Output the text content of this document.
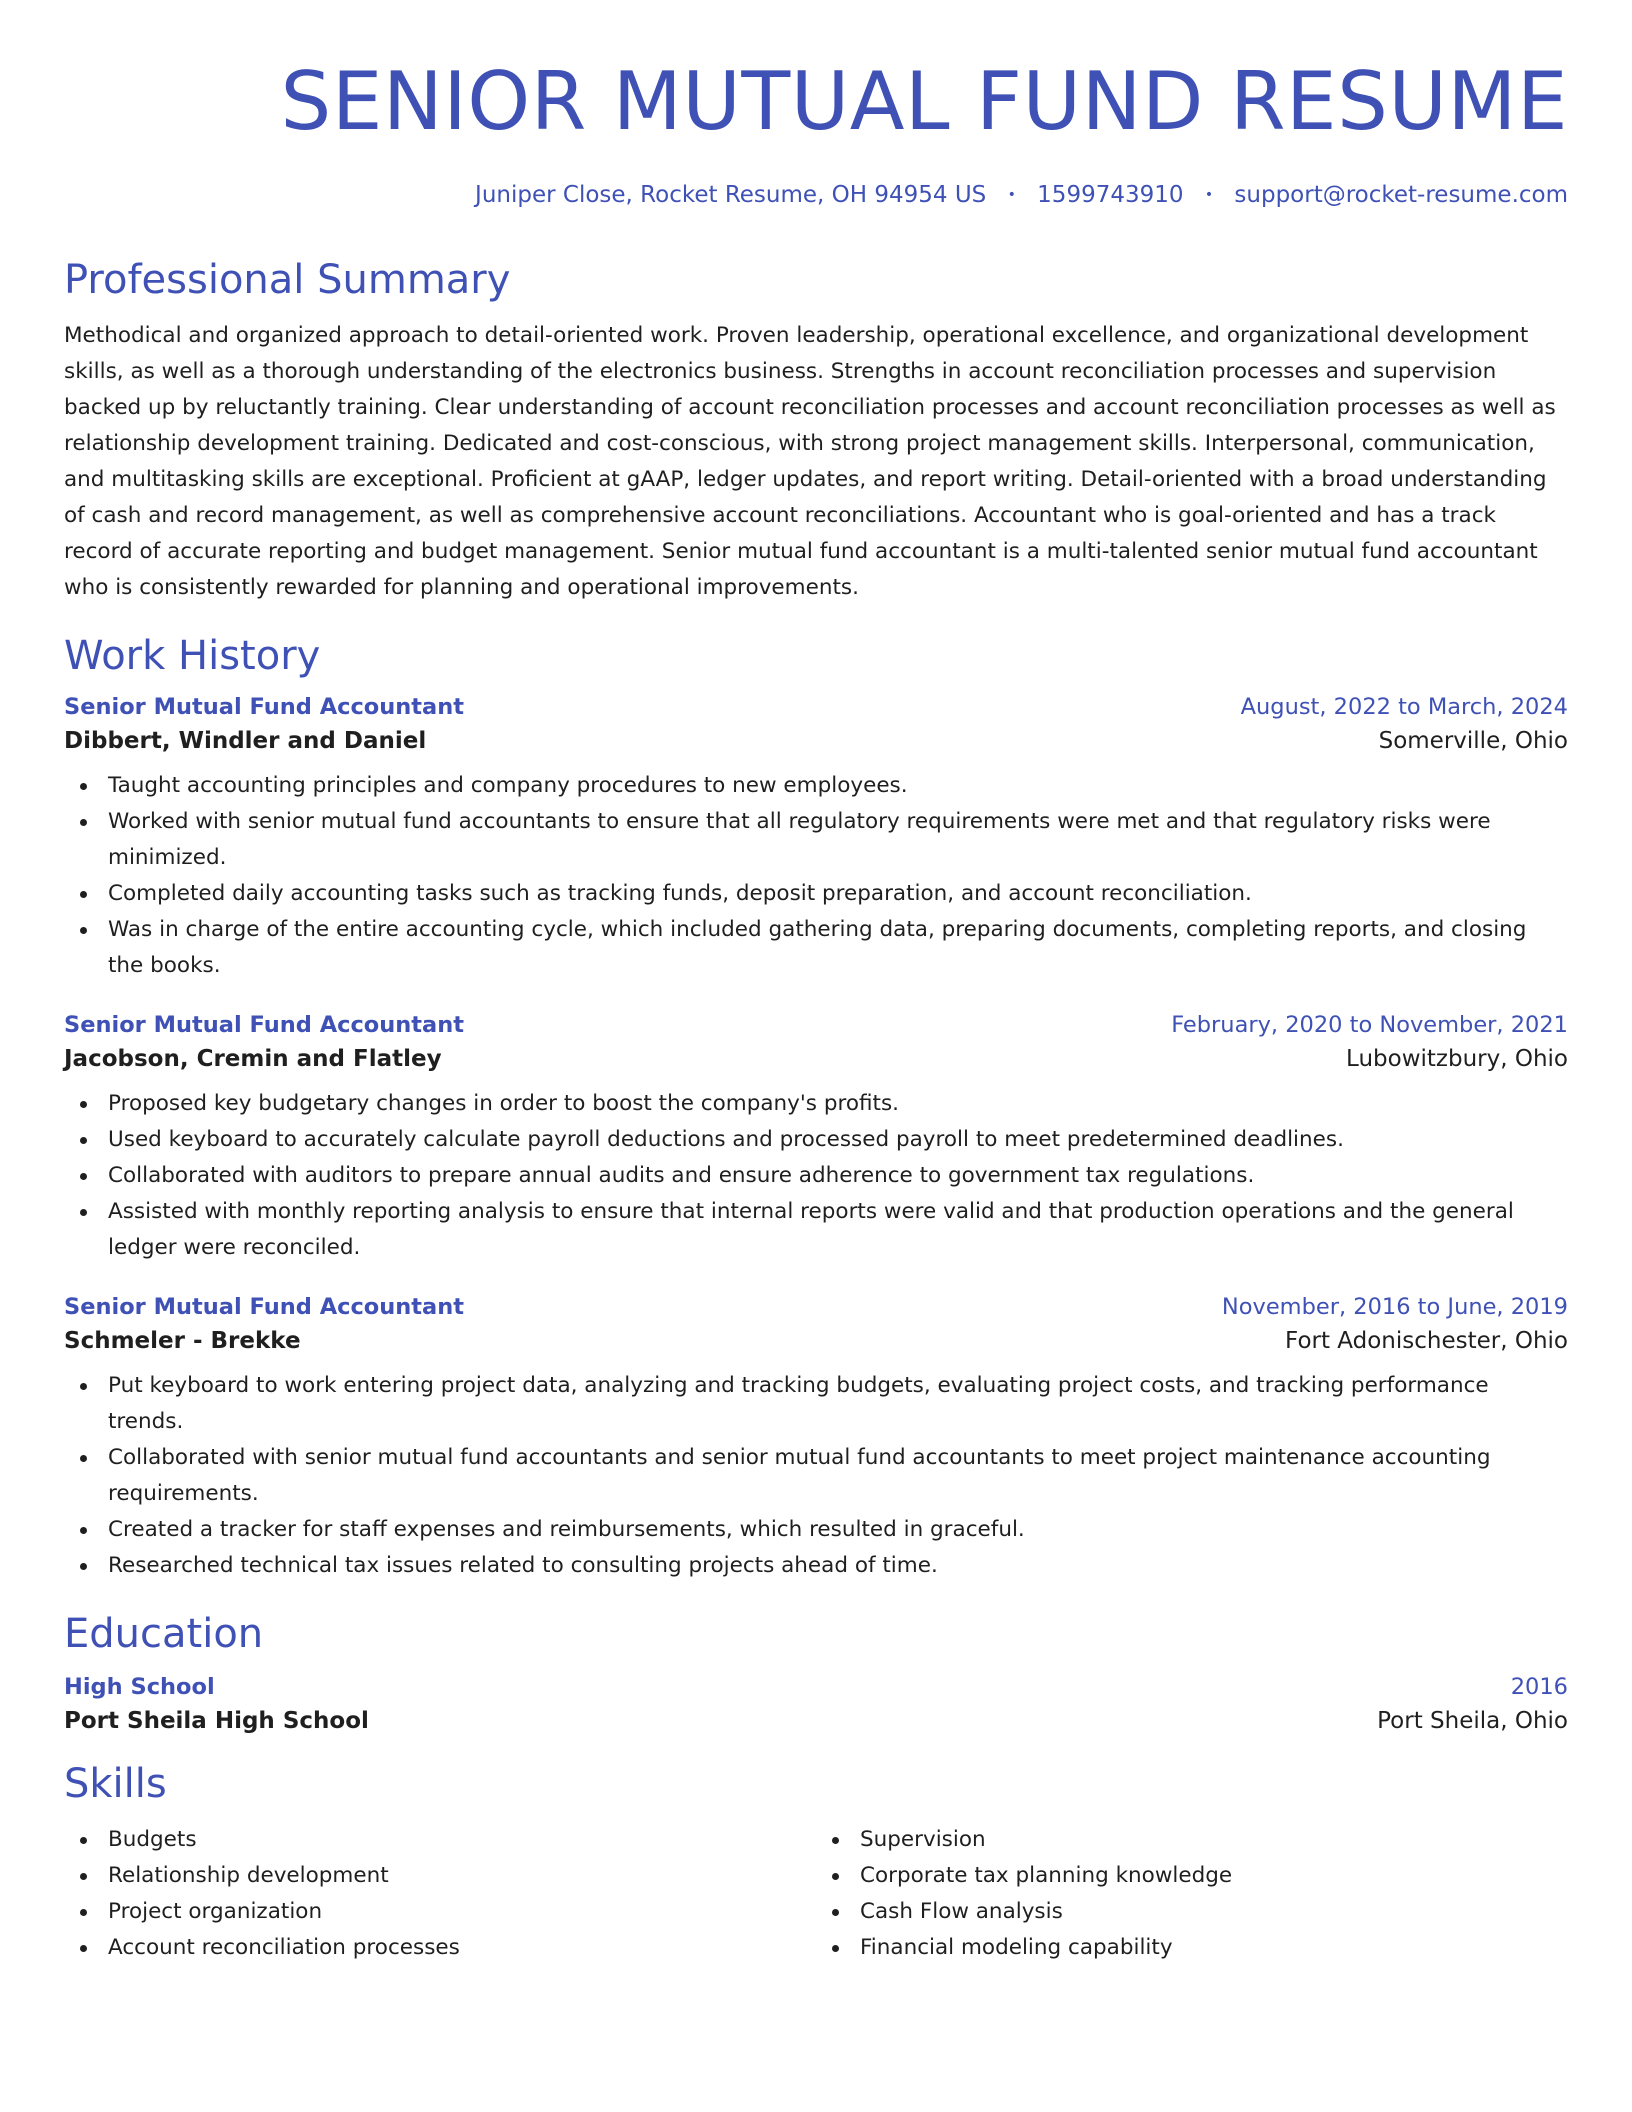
SENIOR MUTUAL FUND RESUME
Juniper Close, Rocket Resume, OH 94954 US • 1599743910 • support@rocket-resume.com
Professional Summary

Methodical and organized approach to detail-oriented work. Proven leadership, operational excellence, and organizational development skills, as well as a thorough understanding of the electronics business. Strengths in account reconciliation processes and supervision backed up by reluctantly training. Clear understanding of account reconciliation processes and account reconciliation processes as well as relationship development training. Dedicated and cost-conscious, with strong project management skills. Interpersonal, communication, and multitasking skills are exceptional. Proficient at gAAP, ledger updates, and report writing. Detail-oriented with a broad understanding of cash and record management, as well as comprehensive account reconciliations. Accountant who is goal-oriented and has a track record of accurate reporting and budget management. Senior mutual fund accountant is a multi-talented senior mutual fund accountant who is consistently rewarded for planning and operational improvements.

Work History
Senior Mutual Fund Accountant	August, 2022 to March, 2024
Dibbert, Windler and Daniel	Somerville, Ohio
Taught accounting principles and company procedures to new employees.
Worked with senior mutual fund accountants to ensure that all regulatory requirements were met and that regulatory risks were minimized.
Completed daily accounting tasks such as tracking funds, deposit preparation, and account reconciliation.
Was in charge of the entire accounting cycle, which included gathering data, preparing documents, completing reports, and closing the books.
Senior Mutual Fund Accountant	February, 2020 to November, 2021
Jacobson, Cremin and Flatley	Lubowitzbury, Ohio
Proposed key budgetary changes in order to boost the company's profits.
Used keyboard to accurately calculate payroll deductions and processed payroll to meet predetermined deadlines.
Collaborated with auditors to prepare annual audits and ensure adherence to government tax regulations.
Assisted with monthly reporting analysis to ensure that internal reports were valid and that production operations and the general ledger were reconciled.
Senior Mutual Fund Accountant	November, 2016 to June, 2019
Schmeler - Brekke	Fort Adonischester, Ohio
Put keyboard to work entering project data, analyzing and tracking budgets, evaluating project costs, and tracking performance trends.
Collaborated with senior mutual fund accountants and senior mutual fund accountants to meet project maintenance accounting requirements.
Created a tracker for staff expenses and reimbursements, which resulted in graceful.
Researched technical tax issues related to consulting projects ahead of time.
Education
High School	2016
Port Sheila High School	Port Sheila, Ohio
Skills
Budgets
Relationship development
Project organization
Account reconciliation processes
Supervision
Corporate tax planning knowledge
Cash Flow analysis
Financial modeling capability
